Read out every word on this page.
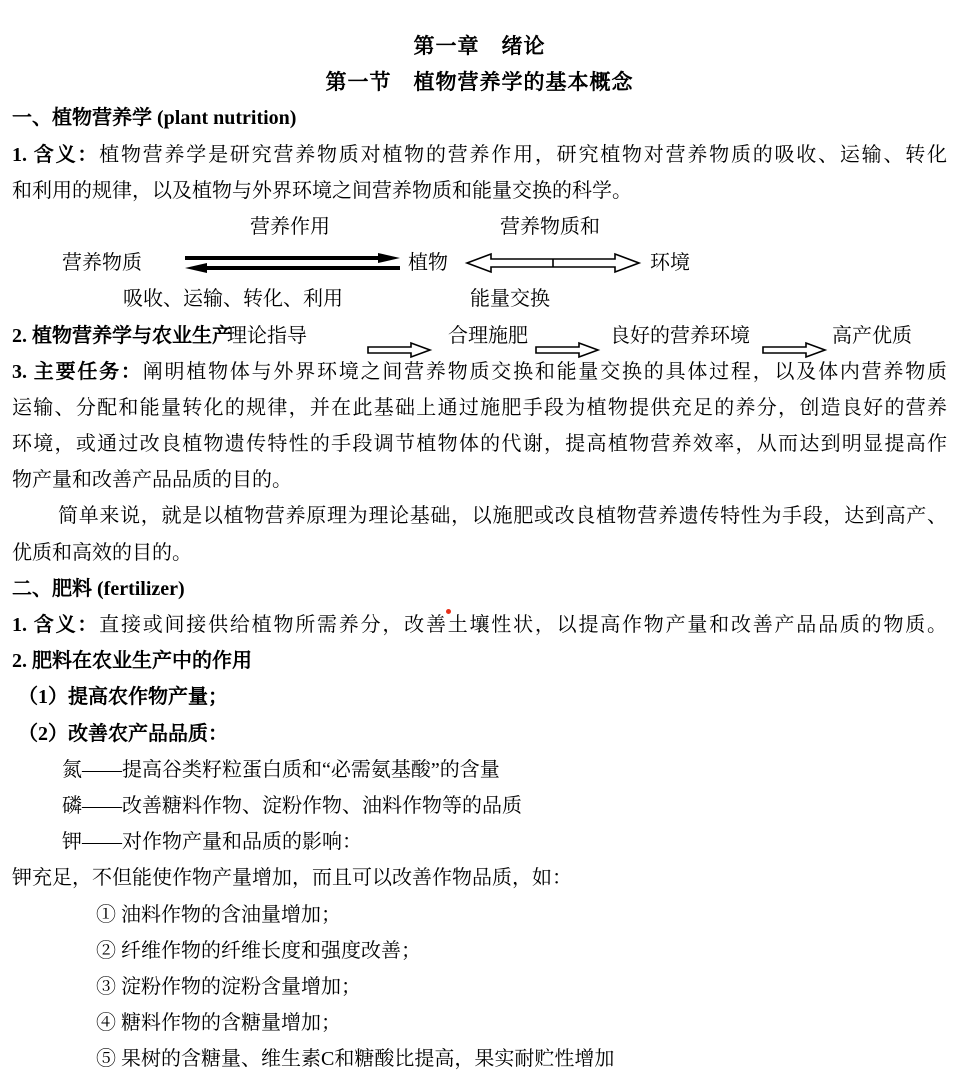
第一章　绪论
第一节　植物营养学的基本概念
一、植物营养学 (plant nutrition)
1. 含义：植物营养学是研究营养物质对植物的营养作用，研究植物对营养物质的吸收、运输、转化
和利用的规律，以及植物与外界环境之间营养物质和能量交换的科学。
营养作用	营养物质和
营养物质	植物	环境
吸收、运输、转化、利用	能量交换
2. 植物营养学与农业生产
理论指导	合理施肥	良好的营养环境	高产优质
3. 主要任务：阐明植物体与外界环境之间营养物质交换和能量交换的具体过程，以及体内营养物质
运输、分配和能量转化的规律，并在此基础上通过施肥手段为植物提供充足的养分，创造良好的营养
环境，或通过改良植物遗传特性的手段调节植物体的代谢，提高植物营养效率，从而达到明显提高作
物产量和改善产品品质的目的。
简单来说，就是以植物营养原理为理论基础，以施肥或改良植物营养遗传特性为手段，达到高产、
优质和高效的目的。
二、肥料 (fertilizer)
1. 含义：直接或间接供给植物所需养分，改善土壤性状，以提高作物产量和改善产品品质的物质。
2. 肥料在农业生产中的作用
（1）提高农作物产量；
（2）改善农产品品质：
氮——提高谷类籽粒蛋白质和“必需氨基酸”的含量
磷——改善糖料作物、淀粉作物、油料作物等的品质
钾——对作物产量和品质的影响：
钾充足，不但能使作物产量增加，而且可以改善作物品质，如：
① 油料作物的含油量增加；
② 纤维作物的纤维长度和强度改善；
③ 淀粉作物的淀粉含量增加；
④ 糖料作物的含糖量增加；
⑤ 果树的含糖量、维生素C和糖酸比提高，果实耐贮性增加
